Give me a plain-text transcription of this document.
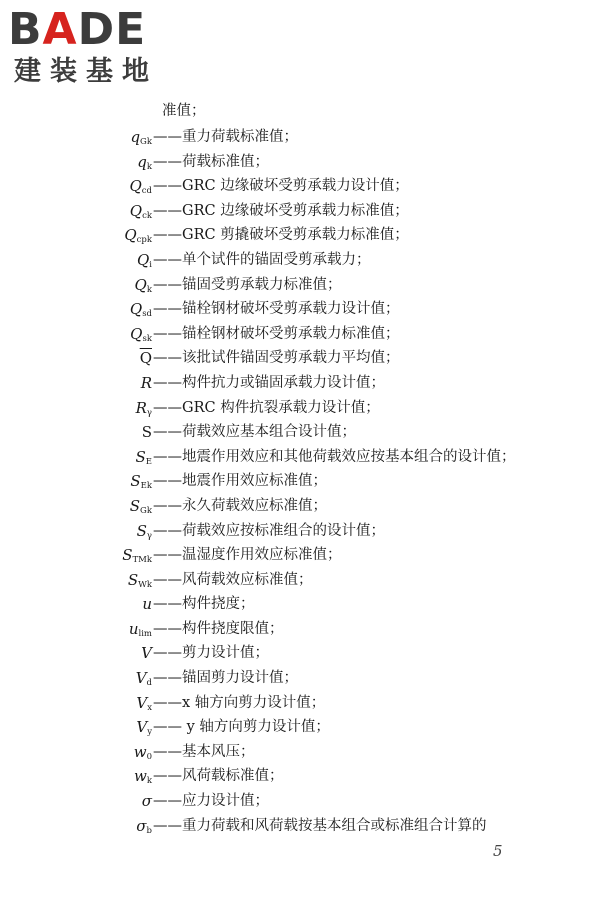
BADE
建装基地
准值；
$q_{Gk}$ ——重力荷载标准值；
$q_k$ ——荷载标准值；
$Q_{cd}$ ——GRC 边缘破坏受剪承载力设计值；
$Q_{ck}$ ——GRC 边缘破坏受剪承载力标准值；
$Q_{cpk}$ ——GRC 剪撬破坏受剪承载力标准值；
$Q_i$ ——单个试件的锚固受剪承载力；
$Q_k$ ——锚固受剪承载力标准值；
$Q_{sd}$ ——锚栓钢材破坏受剪承载力设计值；
$Q_{sk}$ ——锚栓钢材破坏受剪承载力标准值；
$\overline{Q}$ ——该批试件锚固受剪承载力平均值；
R ——构件抗力或锚固承载力设计值；
$R_\gamma$ ——GRC 构件抗裂承载力设计值；
S ——荷载效应基本组合设计值；
$S_E$ ——地震作用效应和其他荷载效应按基本组合的设计值；
$S_{Ek}$ ——地震作用效应标准值；
$S_{Gk}$ ——永久荷载效应标准值；
$S_\gamma$ ——荷载效应按标准组合的设计值；
$S_{TMk}$ ——温湿度作用效应标准值；
$S_{Wk}$ ——风荷载效应标准值；
u ——构件挠度；
$u_{lim}$ ——构件挠度限值；
V ——剪力设计值；
$V_d$ ——锚固剪力设计值；
$V_x$ ——x 轴方向剪力设计值；
$V_y$ —— y 轴方向剪力设计值；
$w_0$ ——基本风压；
$w_k$ ——风荷载标准值；
σ ——应力设计值；
$\sigma_b$ ——重力荷载和风荷载按基本组合或标准组合计算的
5
